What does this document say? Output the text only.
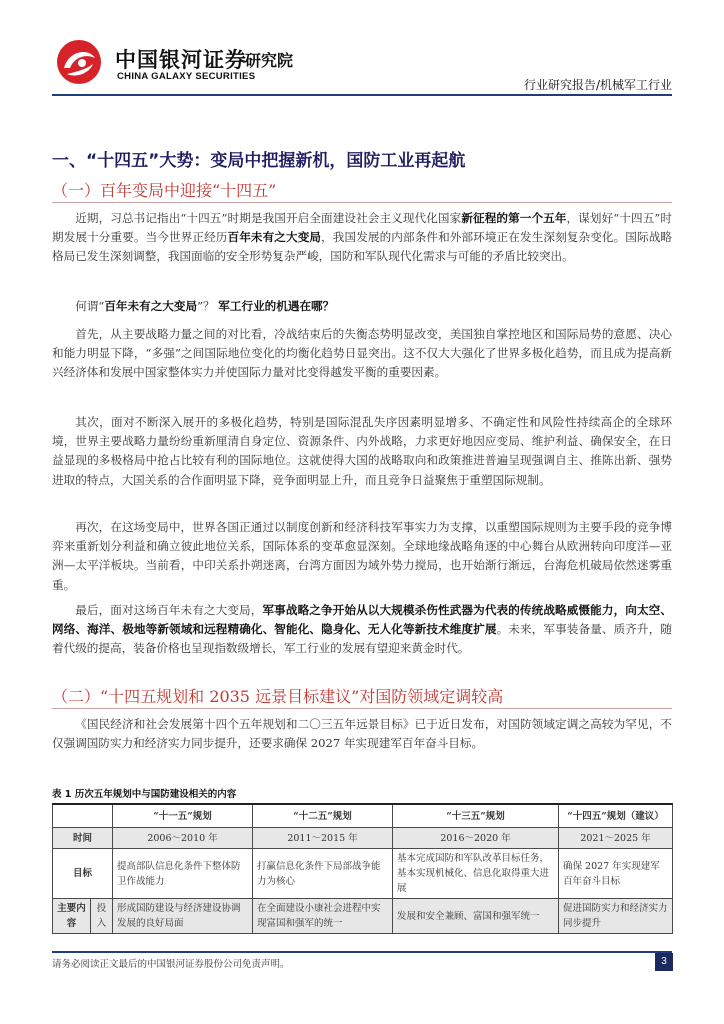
中国银河证券
CHINA GALAXY SECURITIES
研究院
行业研究报告/机械军工行业
一、“十四五”大势：变局中把握新机，国防工业再起航
（一）百年变局中迎接“十四五”

近期，习总书记指出“十四五”时期是我国开启全面建设社会主义现代化国家新征程的第一个五年，谋划好“十四五”时期发展十分重要。当今世界正经历百年未有之大变局，我国发展的内部条件和外部环境正在发生深刻复杂变化。国际战略格局已发生深刻调整，我国面临的安全形势复杂严峻，国防和军队现代化需求与可能的矛盾比较突出。

何谓“百年未有之大变局”？ 军工行业的机遇在哪？

首先，从主要战略力量之间的对比看，冷战结束后的失衡态势明显改变，美国独自掌控地区和国际局势的意愿、决心和能力明显下降，“多强”之间国际地位变化的均衡化趋势日显突出。这不仅大大强化了世界多极化趋势，而且成为提高新兴经济体和发展中国家整体实力并使国际力量对比变得越发平衡的重要因素。

其次，面对不断深入展开的多极化趋势，特别是国际混乱失序因素明显增多、不确定性和风险性持续高企的全球环境，世界主要战略力量纷纷重新厘清自身定位、资源条件、内外战略，力求更好地因应变局、维护利益、确保安全，在日益显现的多极格局中抢占比较有利的国际地位。这就使得大国的战略取向和政策推进普遍呈现强调自主、推陈出新、强势进取的特点，大国关系的合作面明显下降，竞争面明显上升，而且竞争日益聚焦于重塑国际规制。

再次，在这场变局中，世界各国正通过以制度创新和经济科技军事实力为支撑，以重塑国际规则为主要手段的竞争博弈来重新划分利益和确立彼此地位关系，国际体系的变革愈显深刻。全球地缘战略角逐的中心舞台从欧洲转向印度洋—亚洲—太平洋板块。当前看，中印关系扑朔迷离，台湾方面因为域外势力搅局，也开始渐行渐远，台海危机破局依然迷雾重重。

最后，面对这场百年未有之大变局，军事战略之争开始从以大规模杀伤性武器为代表的传统战略威慑能力，向太空、网络、海洋、极地等新领域和远程精确化、智能化、隐身化、无人化等新技术维度扩展。未来，军事装备量、质齐升，随着代级的提高，装备价格也呈现指数级增长，军工行业的发展有望迎来黄金时代。

（二）“十四五规划和 2035 远景目标建议”对国防领域定调较高

《国民经济和社会发展第十四个五年规划和二〇三五年远景目标》已于近日发布，对国防领域定调之高较为罕见，不仅强调国防实力和经济实力同步提升，还要求确保 2027 年实现建军百年奋斗目标。

表 1 历次五年规划中与国防建设相关的内容
		“十一五”规划	“十二五”规划	“十三五”规划	“十四五”规划（建议）
时间		2006～2010 年	2011～2015 年	2016～2020 年	2021～2025 年
目标		提高部队信息化条件下整体防卫作战能力	打赢信息化条件下局部战争能力为核心	基本完成国防和军队改革目标任务，基本实现机械化、信息化取得重大进展	确保 2027 年实现建军百年奋斗目标
主要内容	投入	形成国防建设与经济建设协调发展的良好局面	在全面建设小康社会进程中实现富国和强军的统一	发展和安全兼顾、富国和强军统一	促进国防实力和经济实力同步提升
请务必阅读正文最后的中国银河证券股份公司免责声明。	3
